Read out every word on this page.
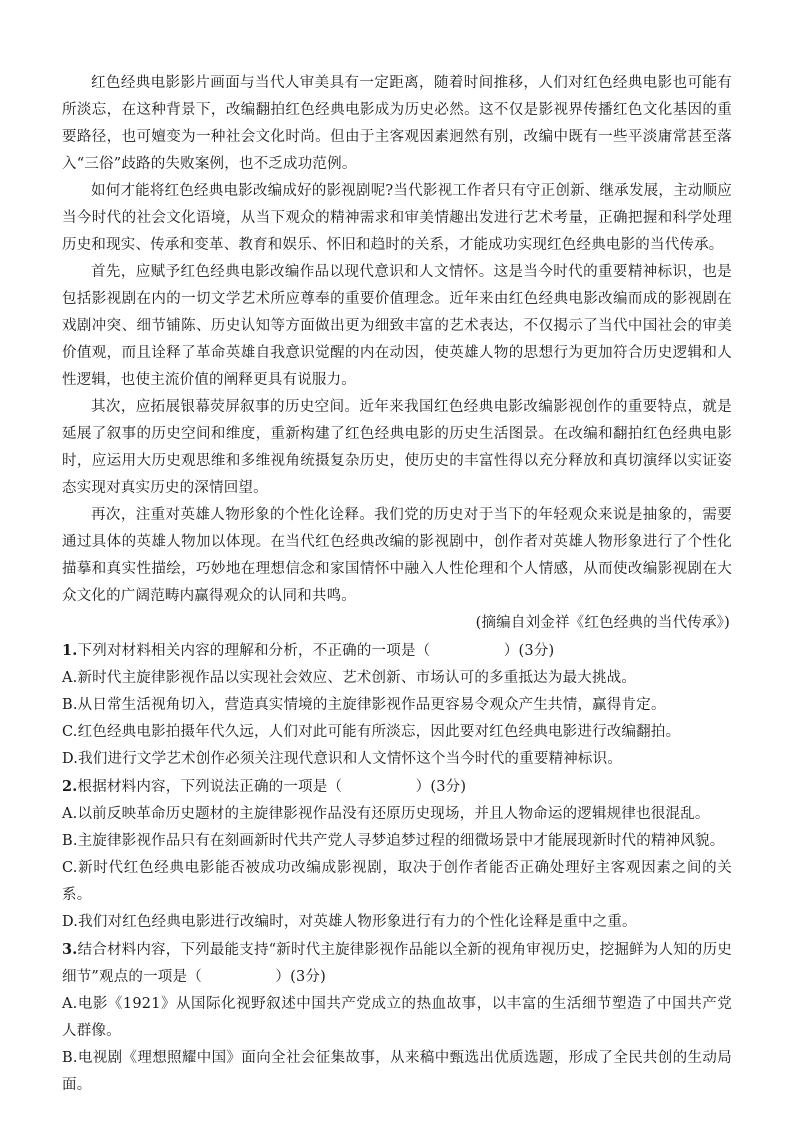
红色经典电影影片画面与当代人审美具有一定距离，随着时间推移，人们对红色经典电影也可能有所淡忘，在这种背景下，改编翻拍红色经典电影成为历史必然。这不仅是影视界传播红色文化基因的重要路径，也可嬗变为一种社会文化时尚。但由于主客观因素迥然有别，改编中既有一些平淡庸常甚至落入“三俗”歧路的失败案例，也不乏成功范例。

如何才能将红色经典电影改编成好的影视剧呢?当代影视工作者只有守正创新、继承发展，主动顺应当今时代的社会文化语境，从当下观众的精神需求和审美情趣出发进行艺术考量，正确把握和科学处理历史和现实、传承和变革、教育和娱乐、怀旧和趋时的关系，才能成功实现红色经典电影的当代传承。

首先，应赋予红色经典电影改编作品以现代意识和人文情怀。这是当今时代的重要精神标识，也是包括影视剧在内的一切文学艺术所应尊奉的重要价值理念。近年来由红色经典电影改编而成的影视剧在戏剧冲突、细节铺陈、历史认知等方面做出更为细致丰富的艺术表达，不仅揭示了当代中国社会的审美价值观，而且诠释了革命英雄自我意识觉醒的内在动因，使英雄人物的思想行为更加符合历史逻辑和人性逻辑，也使主流价值的阐释更具有说服力。

其次，应拓展银幕荧屏叙事的历史空间。近年来我国红色经典电影改编影视创作的重要特点，就是延展了叙事的历史空间和维度，重新构建了红色经典电影的历史生活图景。在改编和翻拍红色经典电影时，应运用大历史观思维和多维视角统摄复杂历史，使历史的丰富性得以充分释放和真切演绎以实证姿态实现对真实历史的深情回望。

再次，注重对英雄人物形象的个性化诠释。我们党的历史对于当下的年轻观众来说是抽象的，需要通过具体的英雄人物加以体现。在当代红色经典改编的影视剧中，创作者对英雄人物形象进行了个性化描摹和真实性描绘，巧妙地在理想信念和家国情怀中融入人性伦理和个人情感，从而使改编影视剧在大众文化的广阔范畴内赢得观众的认同和共鸣。

(摘编自刘金祥《红色经典的当代传承》)

1.下列对材料相关内容的理解和分析，不正确的一项是（　　　　　）(3分)

A.新时代主旋律影视作品以实现社会效应、艺术创新、市场认可的多重抵达为最大挑战。

B.从日常生活视角切入，营造真实情境的主旋律影视作品更容易令观众产生共情，赢得肯定。

C.红色经典电影拍摄年代久远，人们对此可能有所淡忘，因此要对红色经典电影进行改编翻拍。

D.我们进行文学艺术创作必须关注现代意识和人文情怀这个当今时代的重要精神标识。

2.根据材料内容，下列说法正确的一项是（　　　　　）(3分)

A.以前反映革命历史题材的主旋律影视作品没有还原历史现场，并且人物命运的逻辑规律也很混乱。

B.主旋律影视作品只有在刻画新时代共产党人寻梦追梦过程的细微场景中才能展现新时代的精神风貌。

C.新时代红色经典电影能否被成功改编成影视剧，取决于创作者能否正确处理好主客观因素之间的关系。

D.我们对红色经典电影进行改编时，对英雄人物形象进行有力的个性化诠释是重中之重。

3.结合材料内容，下列最能支持“新时代主旋律影视作品能以全新的视角审视历史，挖掘鲜为人知的历史细节”观点的一项是（　　　　　）(3分)

A.电影《1921》从国际化视野叙述中国共产党成立的热血故事，以丰富的生活细节塑造了中国共产党人群像。

B.电视剧《理想照耀中国》面向全社会征集故事，从来稿中甄选出优质选题，形成了全民共创的生动局面。
